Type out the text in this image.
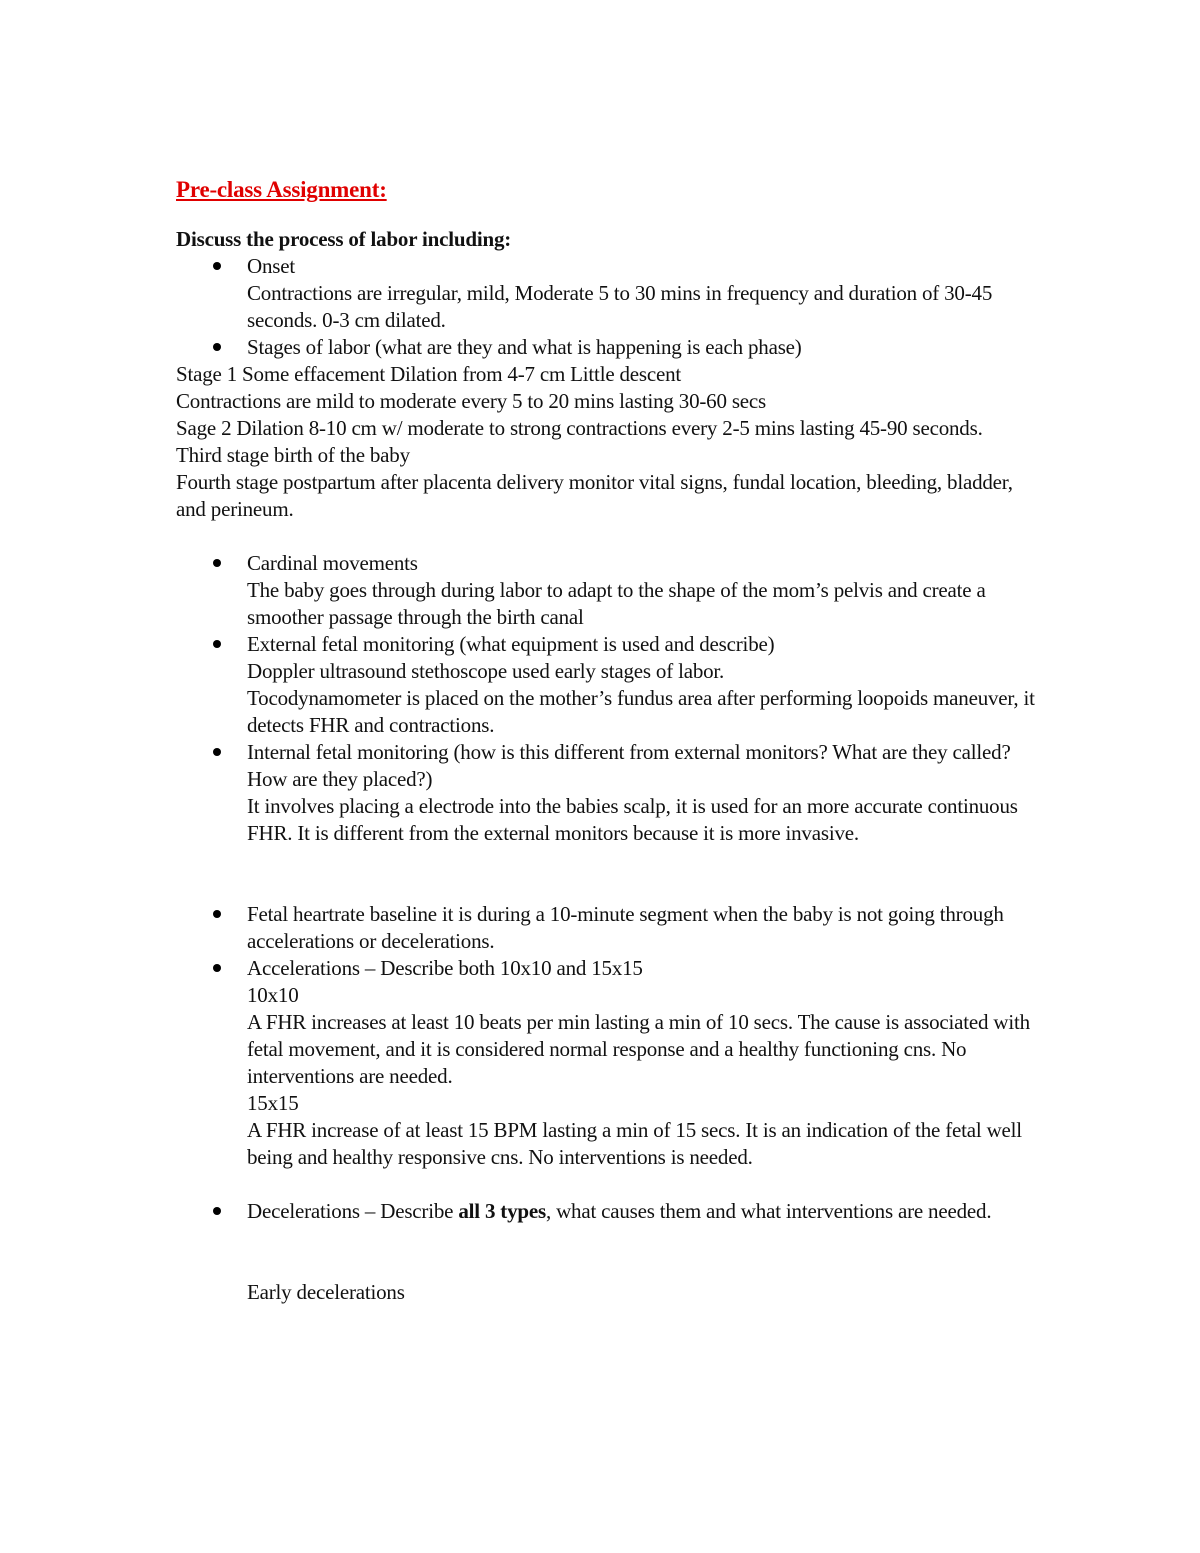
Pre-class Assignment:

Discuss the process of labor including:

Onset

Contractions are irregular, mild, Moderate 5 to 30 mins in frequency and duration of 30-45 seconds. 0-3 cm dilated.

Stages of labor (what are they and what is happening is each phase)

Stage 1 Some effacement Dilation from 4-7 cm Little descent

Contractions are mild to moderate every 5 to 20 mins lasting 30-60 secs

Sage 2 Dilation 8-10 cm w/ moderate to strong contractions every 2-5 mins lasting 45-90 seconds.

Third stage birth of the baby

Fourth stage postpartum after placenta delivery monitor vital signs, fundal location, bleeding, bladder, and perineum.

Cardinal movements

The baby goes through during labor to adapt to the shape of the mom’s pelvis and create a smoother passage through the birth canal

External fetal monitoring (what equipment is used and describe)

Doppler ultrasound stethoscope used early stages of labor.

Tocodynamometer is placed on the mother’s fundus area after performing loopoids maneuver, it detects FHR and contractions.

Internal fetal monitoring (how is this different from external monitors? What are they called? How are they placed?)

It involves placing a electrode into the babies scalp, it is used for an more accurate continuous FHR. It is different from the external monitors because it is more invasive.

Fetal heartrate baseline it is during a 10-minute segment when the baby is not going through accelerations or decelerations.

Accelerations – Describe both 10x10 and 15x15

10x10

A FHR increases at least 10 beats per min lasting a min of 10 secs. The cause is associated with fetal movement, and it is considered normal response and a healthy functioning cns. No interventions are needed.

15x15

A FHR increase of at least 15 BPM lasting a min of 15 secs. It is an indication of the fetal well being and healthy responsive cns. No interventions is needed.

Decelerations – Describe all 3 types, what causes them and what interventions are needed.

Early decelerations
